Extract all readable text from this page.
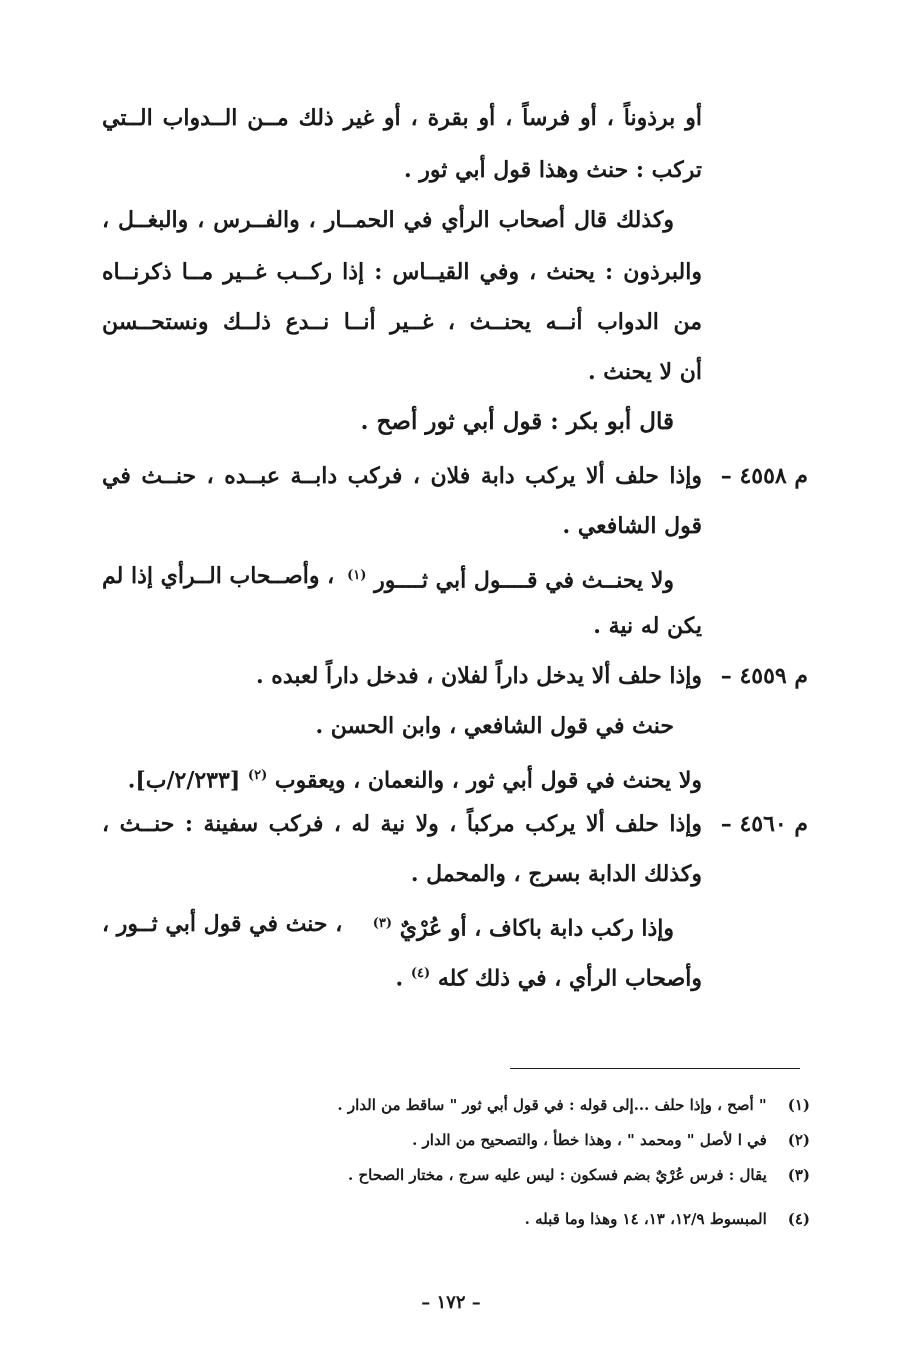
أو برذوناً ، أو فرساً ، أو بقرة ، أو غير ذلك مــن الــدواب الــتي
تركب : حنث وهذا قول أبي ثور .
وكذلك قال أصحاب الرأي في الحمــار ، والفــرس ، والبغــل ،
والبرذون : يحنث ، وفي القيــاس : إذا ركــب غــير مــا ذكرنــاه
من الدواب أنــه يحنــث ، غــير أنــا نــدع ذلــك ونستحــسن
أن لا يحنث .
قال أبو بكر : قول أبي ثور أصح .
م ٤٥٥٨ –
وإذا حلف ألا يركب دابة فلان ، فركب دابــة عبــده ، حنــث في
قول الشافعي .
ولا يحنــث في قــــول أبي ثــــور $^{(١)}$
، وأصــحاب الــرأي إذا لم
يكن له نية .
م ٤٥٥٩ –
وإذا حلف ألا يدخل داراً لفلان ، فدخل داراً لعبده .
حنث في قول الشافعي ، وابن الحسن .
ولا يحنث في قول أبي ثور ، والنعمان ، ويعقوب $^{(٢)}$ [٢/٢٣٣/ب].
م ٤٥٦٠ –
وإذا حلف ألا يركب مركباً ، ولا نية له ، فركب سفينة : حنــث ،
وكذلك الدابة بسرج ، والمحمل .
وإذا ركب دابة باكاف ، أو عُرْيٌ $^{(٣)}$
، حنث في قول أبي ثــور ،
وأصحاب الرأي ، في ذلك كله $^{(٤)}$ .
(١) " أصح ، وإذا حلف ...إلى قوله : في قول أبي ثور " ساقط من الدار .
(٢) في ا لأصل " ومحمد " ، وهذا خطأ ، والتصحيح من الدار .
(٣) يقال : فرس عُرْيٌ بضم فسكون : ليس عليه سرج ، مختار الصحاح .
(٤) المبسوط ١٢/٩، ١٣، ١٤ وهذا وما قبله .
– ١٧٢ –
